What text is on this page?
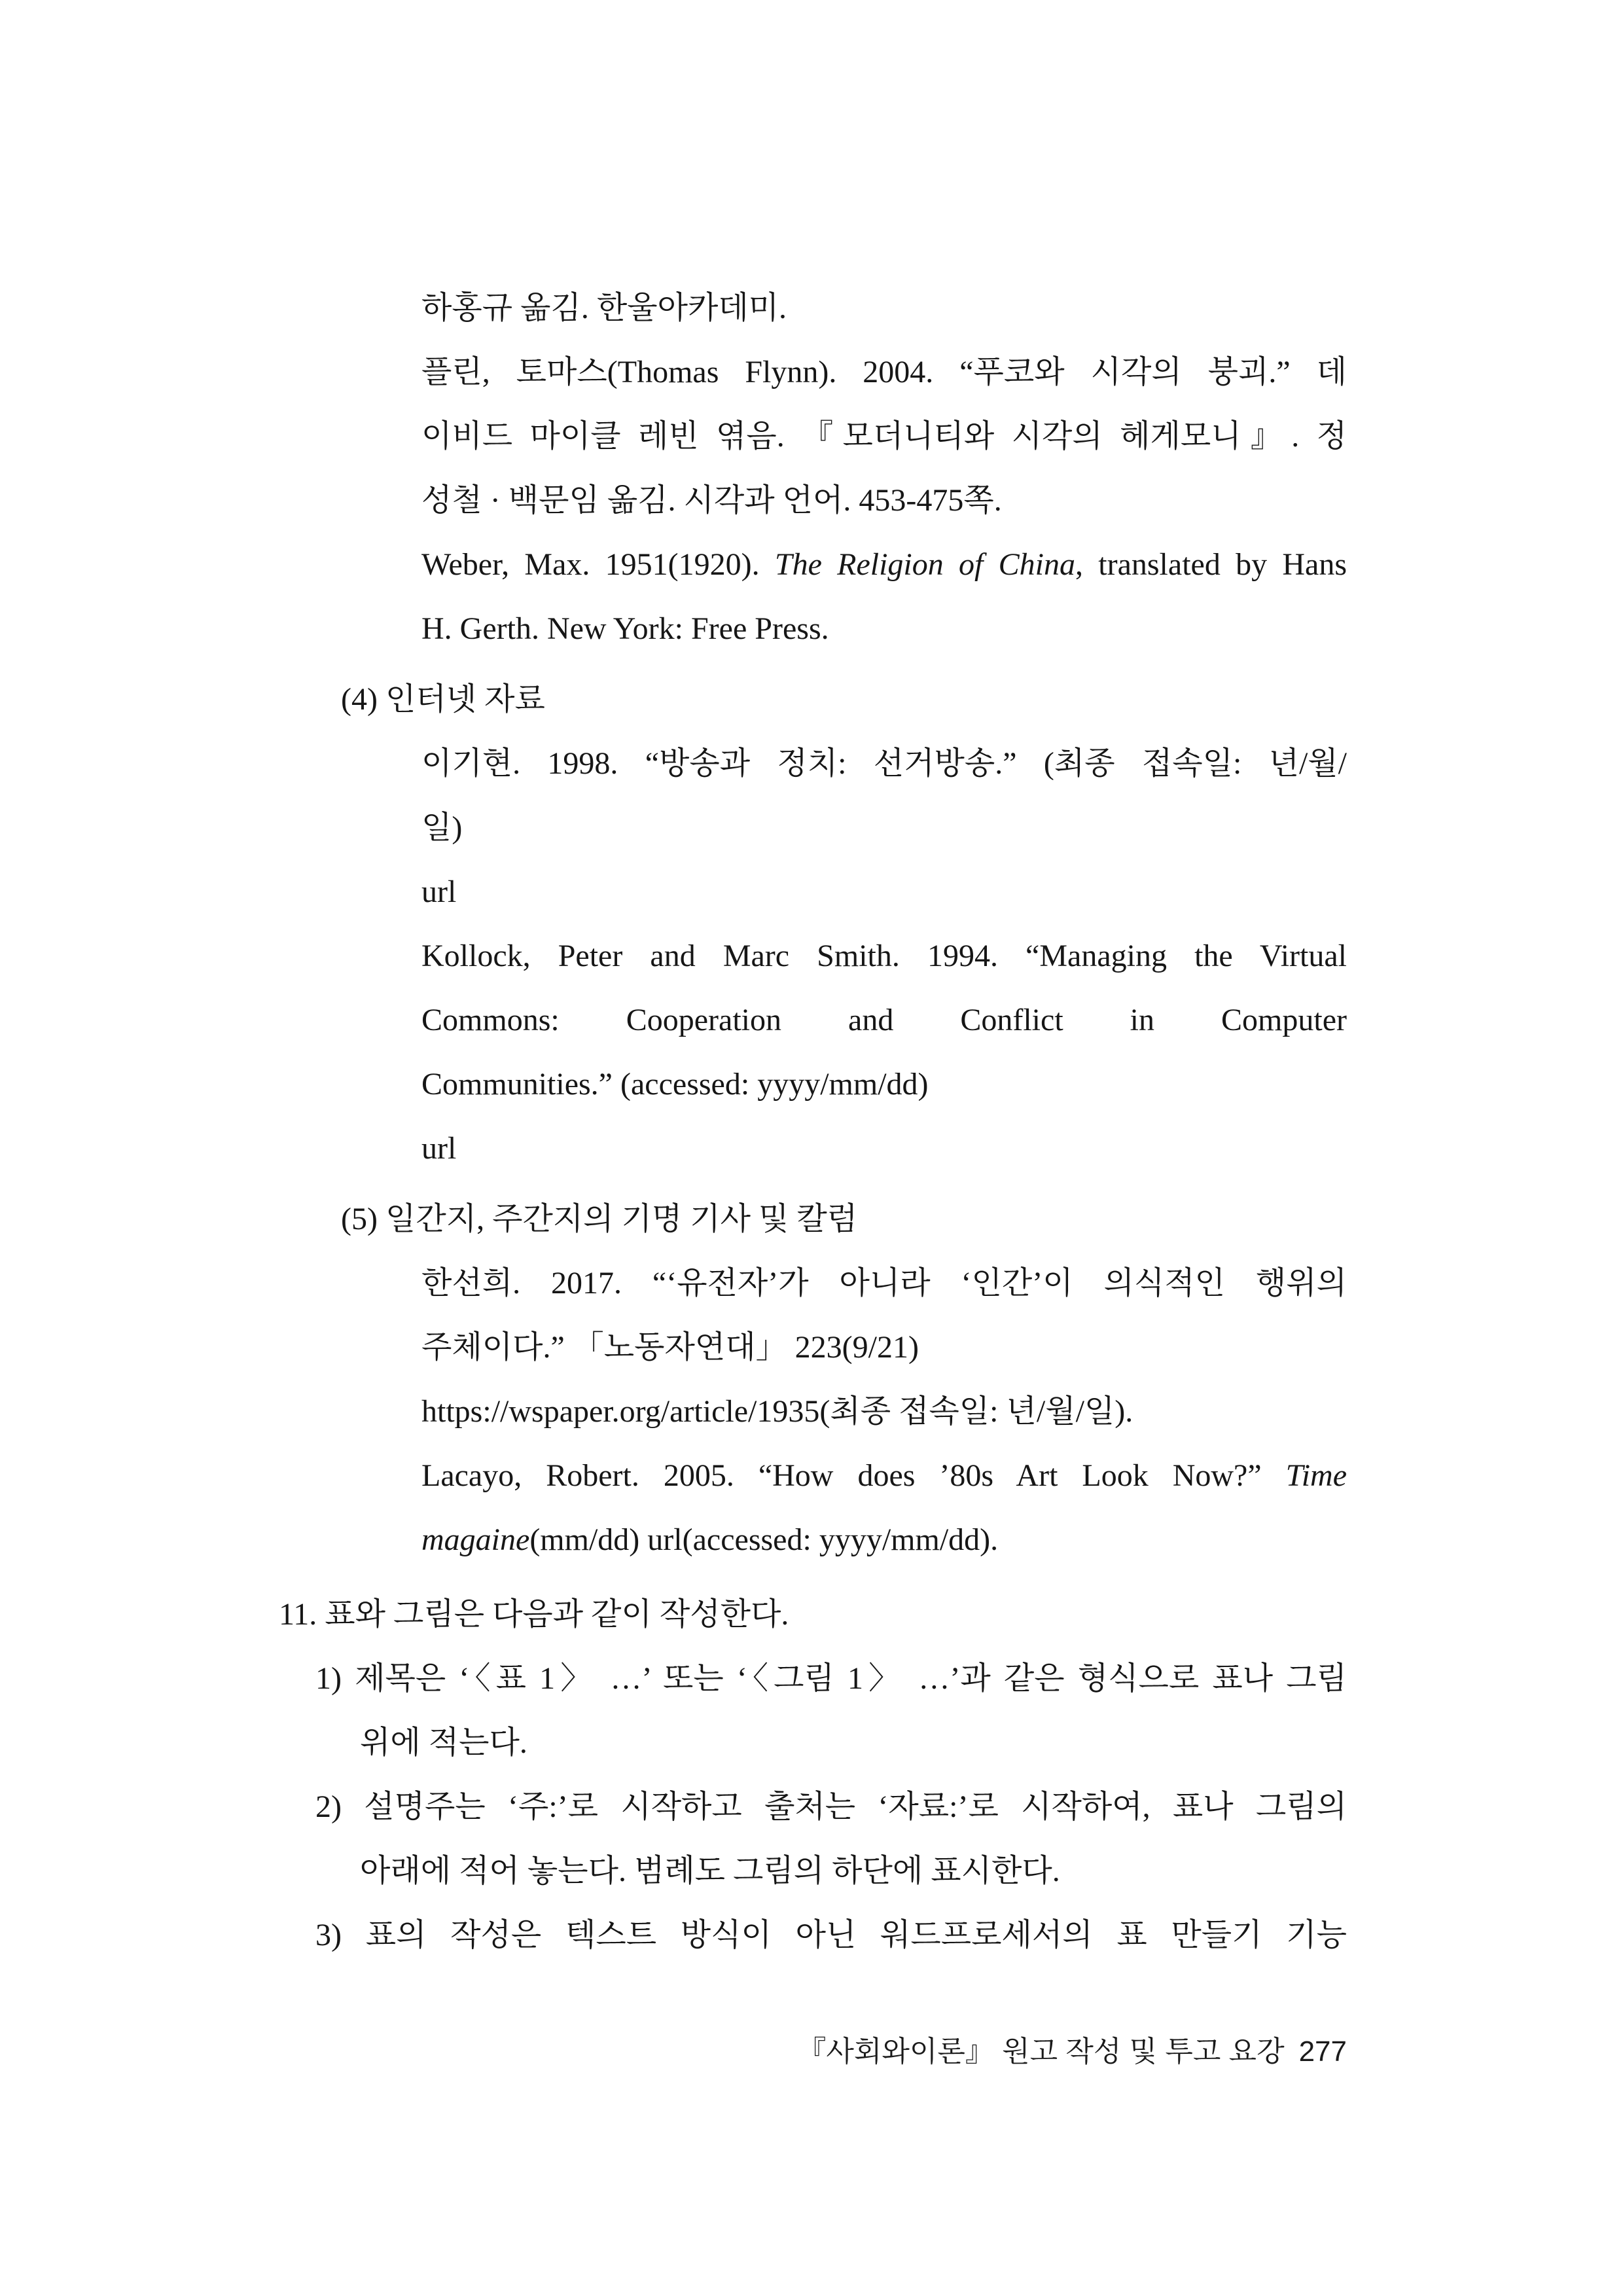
하홍규 옮김. 한울아카데미.
플린, 토마스(Thomas Flynn). 2004. “푸코와 시각의 붕괴.” 데
이비드 마이클 레빈 엮음. 『모더니티와 시각의 헤게모니』. 정
성철 · 백문임 옮김. 시각과 언어. 453-475쪽.
Weber, Max. 1951(1920). The Religion of China, translated by Hans
H. Gerth. New York: Free Press.
(4) 인터넷 자료
이기현. 1998. “방송과 정치: 선거방송.” (최종 접속일: 년/월/
일)
url
Kollock, Peter and Marc Smith. 1994. “Managing the Virtual
Commons: Cooperation and Conflict in Computer
Communities.” (accessed: yyyy/mm/dd)
url
(5) 일간지, 주간지의 기명 기사 및 칼럼
한선희. 2017. “‘유전자’가 아니라 ‘인간’이 의식적인 행위의
주체이다.” 「노동자연대」 223(9/21)
https://wspaper.org/article/1935(최종 접속일: 년/월/일).
Lacayo, Robert. 2005. “How does ’80s Art Look Now?” Time
magaine(mm/dd) url(accessed: yyyy/mm/dd).
11. 표와 그림은 다음과 같이 작성한다.
1) 제목은 ‘〈표 1〉 …’ 또는 ‘〈그림 1〉 …’과 같은 형식으로 표나 그림
위에 적는다.
2) 설명주는 ‘주:’로 시작하고 출처는 ‘자료:’로 시작하여, 표나 그림의
아래에 적어 놓는다. 범례도 그림의 하단에 표시한다.
3) 표의 작성은 텍스트 방식이 아닌 워드프로세서의 표 만들기 기능
『사회와이론』 원고 작성 및 투고 요강 277
